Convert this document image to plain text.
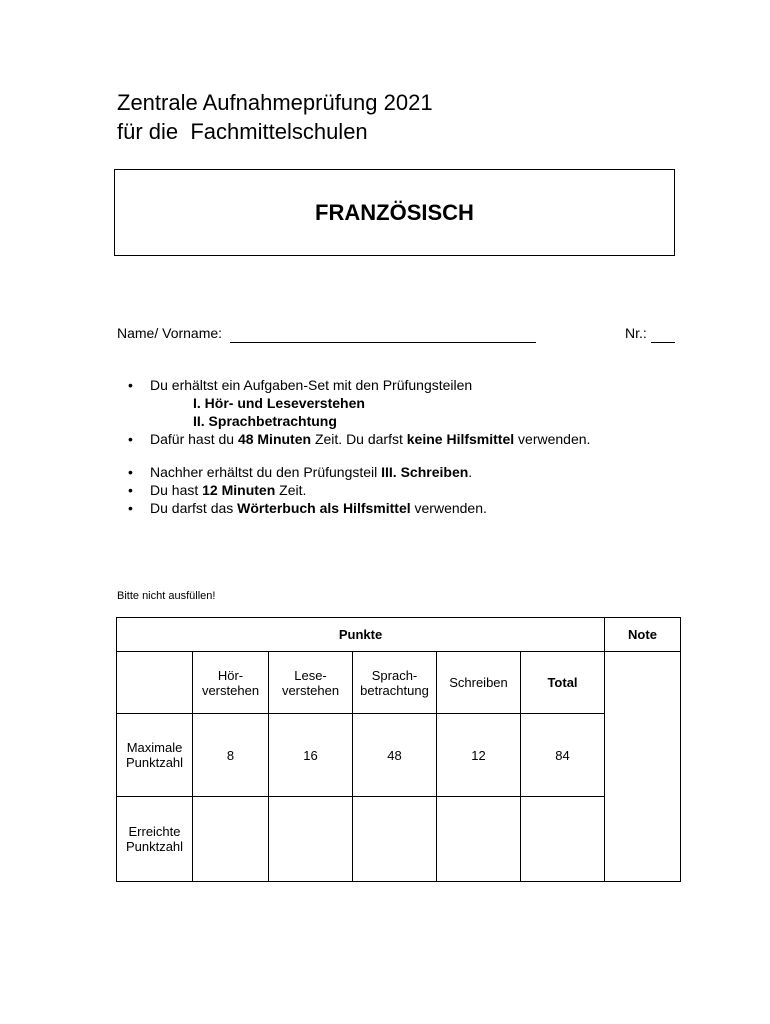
Zentrale Aufnahmeprüfung 2021
für die  Fachmittelschulen
FRANZÖSISCH
Name/ Vorname:	Nr.:
• Du erhältst ein Aufgaben-Set mit den Prüfungsteilen
I. Hör- und Leseverstehen
II. Sprachbetrachtung
• Dafür hast du 48 Minuten Zeit. Du darfst keine Hilfsmittel verwenden.
• Nachher erhältst du den Prüfungsteil III. Schreiben.
• Du hast 12 Minuten Zeit.
• Du darfst das Wörterbuch als Hilfsmittel verwenden.
Bitte nicht ausfüllen!
Punkte						Note
	Hör-
verstehen	Lese-
verstehen	Sprach-
betrachtung	Schreiben	Total	
Maximale
Punktzahl	8	16	48	12	84	
Erreichte
Punktzahl						
